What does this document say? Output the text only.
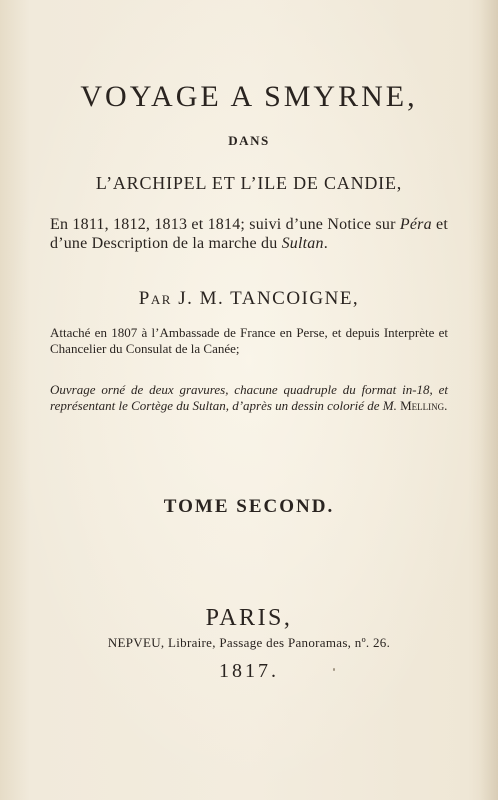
VOYAGE A SMYRNE,
DANS
L’ARCHIPEL ET L’ILE DE CANDIE,
En 1811, 1812, 1813 et 1814; suivi d’une Notice sur Péra et d’une Description de la marche du Sultan.
Par J. M. TANCOIGNE,
Attaché en 1807 à l’Ambassade de France en Perse, et depuis Interprète et Chancelier du Consulat de la Canée;
Ouvrage orné de deux gravures, chacune quadruple du format in-18, et représentant le Cortège du Sultan, d’après un dessin colorié de M. Melling.
TOME SECOND.
PARIS,
NEPVEU, Libraire, Passage des Panoramas, nº. 26.
1817.
